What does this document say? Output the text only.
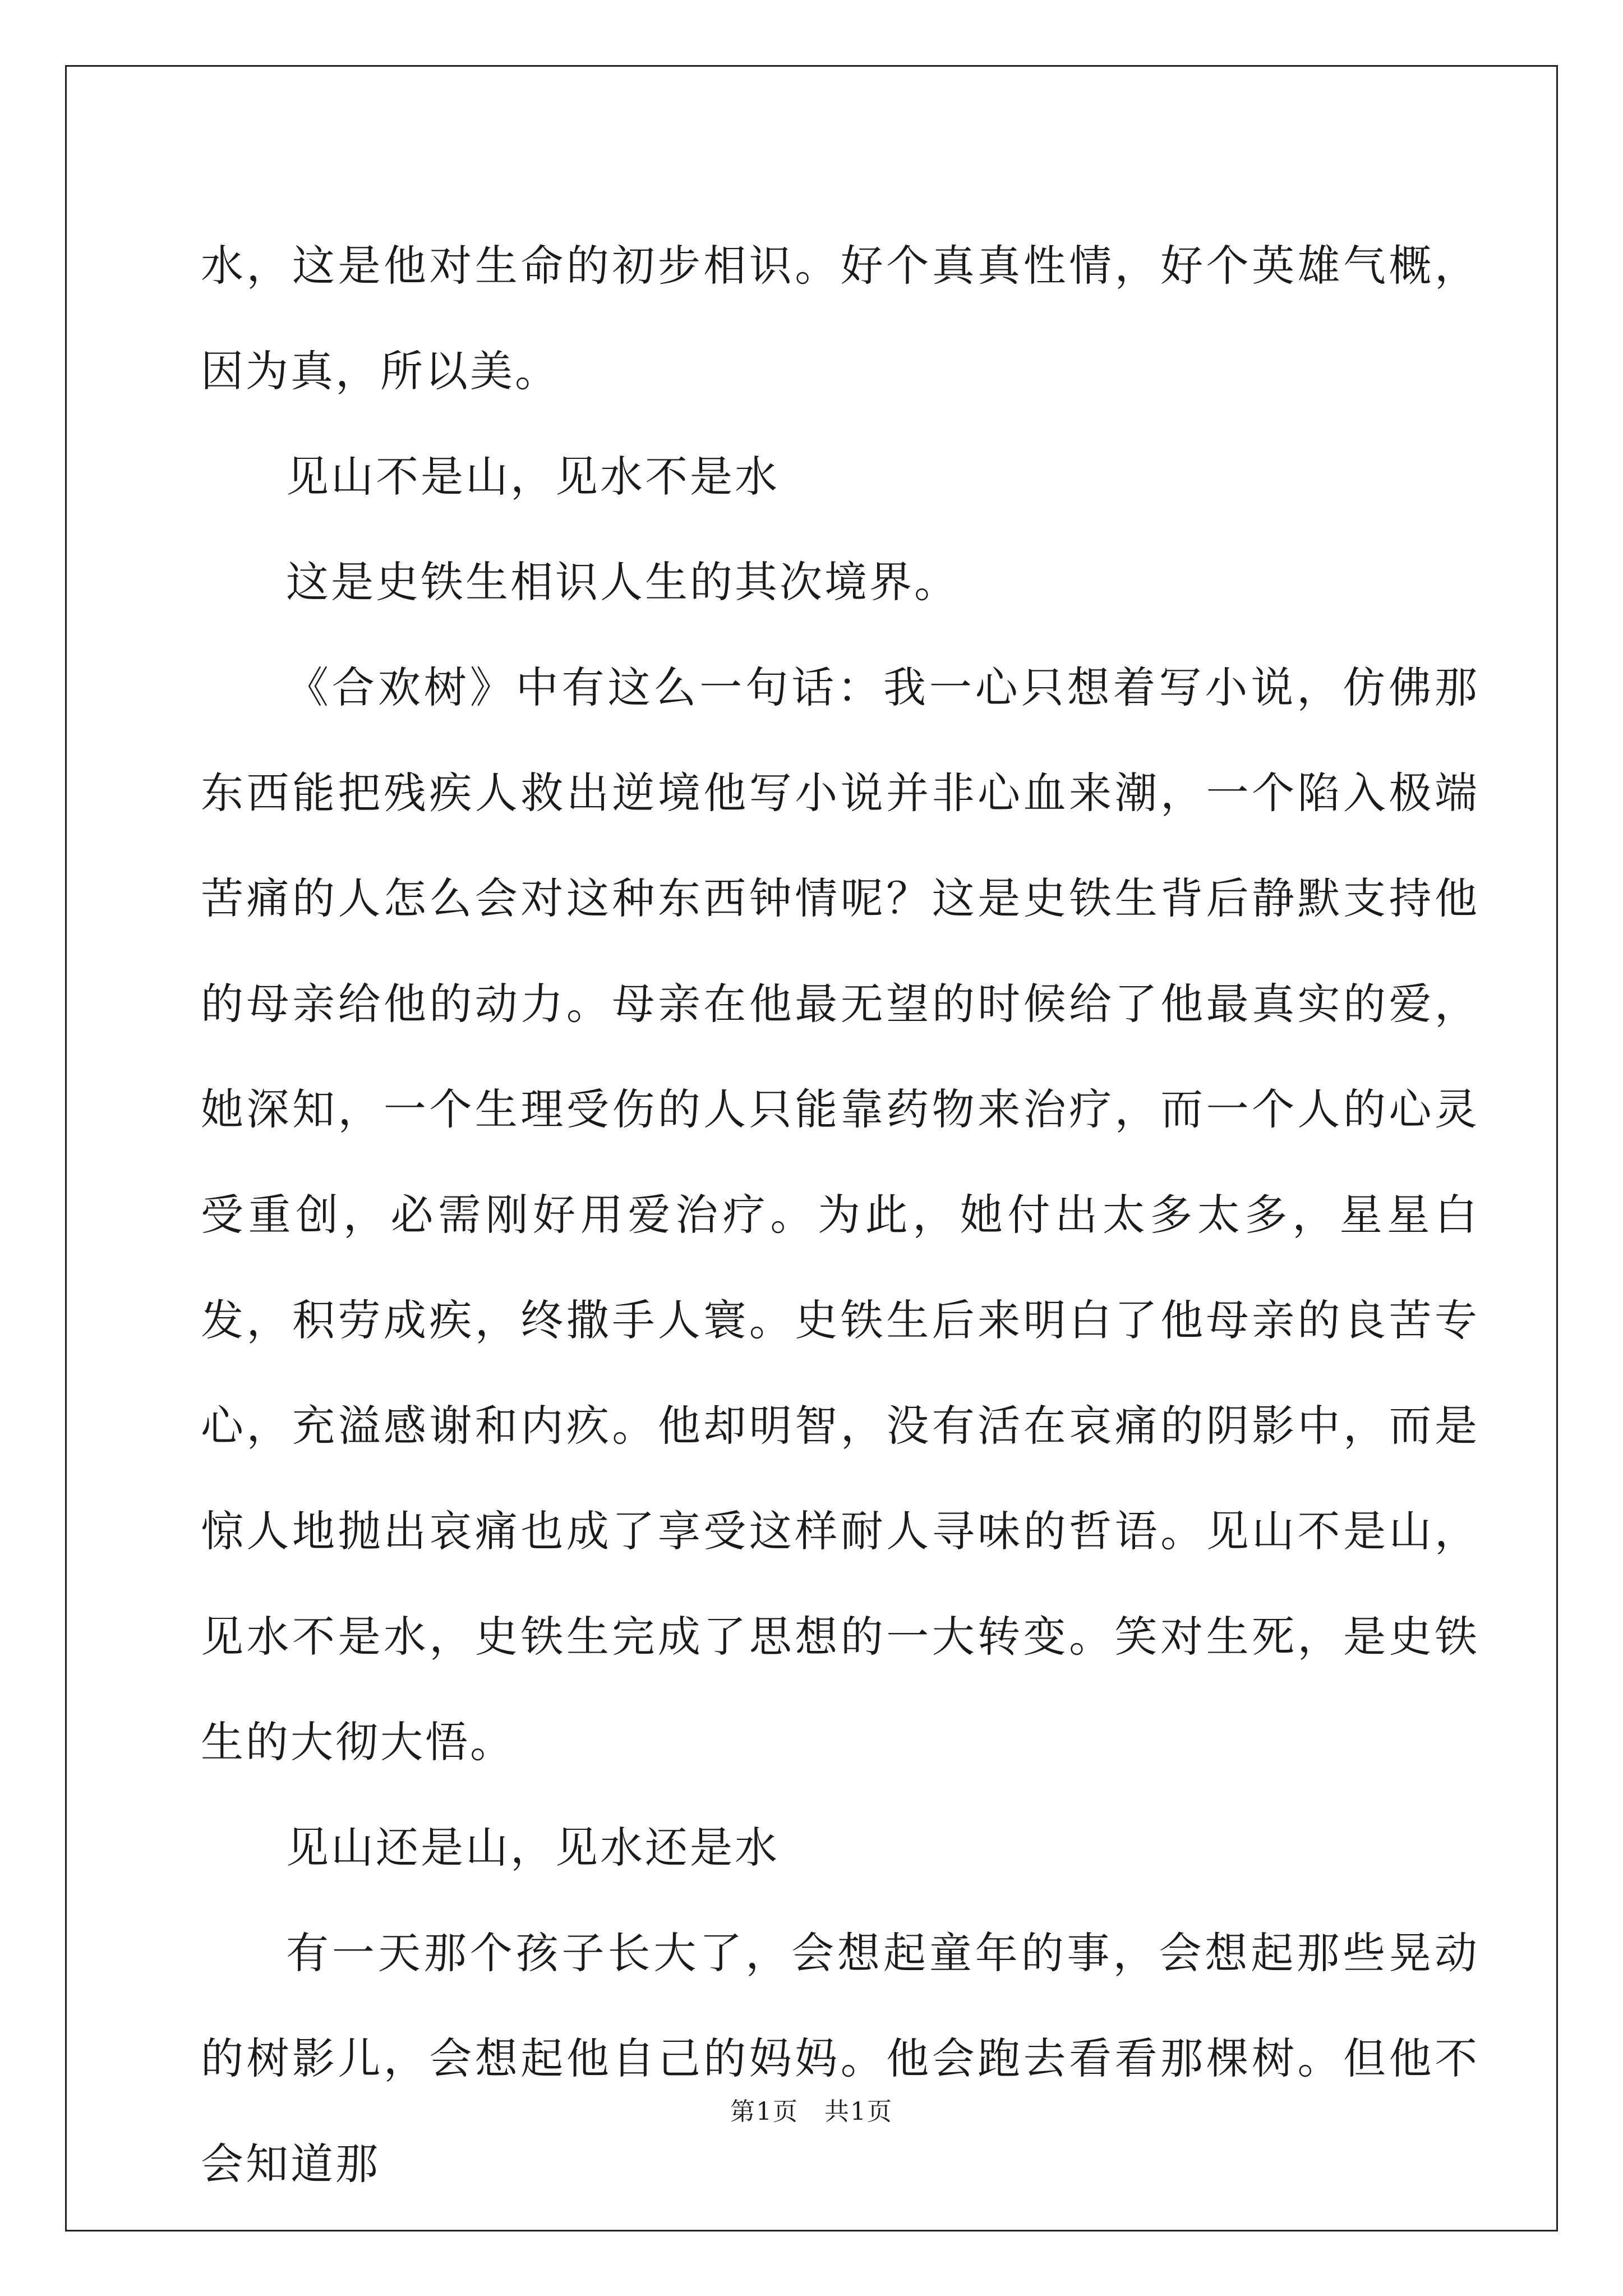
水，这是他对生命的初步相识。好个真真性情，好个英雄气概，因为真，所以美。

见山不是山，见水不是水

这是史铁生相识人生的其次境界。

《合欢树》中有这么一句话：我一心只想着写小说，仿佛那东西能把残疾人救出逆境他写小说并非心血来潮，一个陷入极端苦痛的人怎么会对这种东西钟情呢？这是史铁生背后静默支持他的母亲给他的动力。母亲在他最无望的时候给了他最真实的爱，她深知，一个生理受伤的人只能靠药物来治疗，而一个人的心灵受重创，必需刚好用爱治疗。为此，她付出太多太多，星星白发，积劳成疾，终撒手人寰。史铁生后来明白了他母亲的良苦专心，充溢感谢和内疚。他却明智，没有活在哀痛的阴影中，而是惊人地抛出哀痛也成了享受这样耐人寻味的哲语。见山不是山，见水不是水，史铁生完成了思想的一大转变。笑对生死，是史铁生的大彻大悟。

见山还是山，见水还是水

有一天那个孩子长大了，会想起童年的事，会想起那些晃动的树影儿，会想起他自己的妈妈。他会跑去看看那棵树。但他不会知道那

第1页　共1页
